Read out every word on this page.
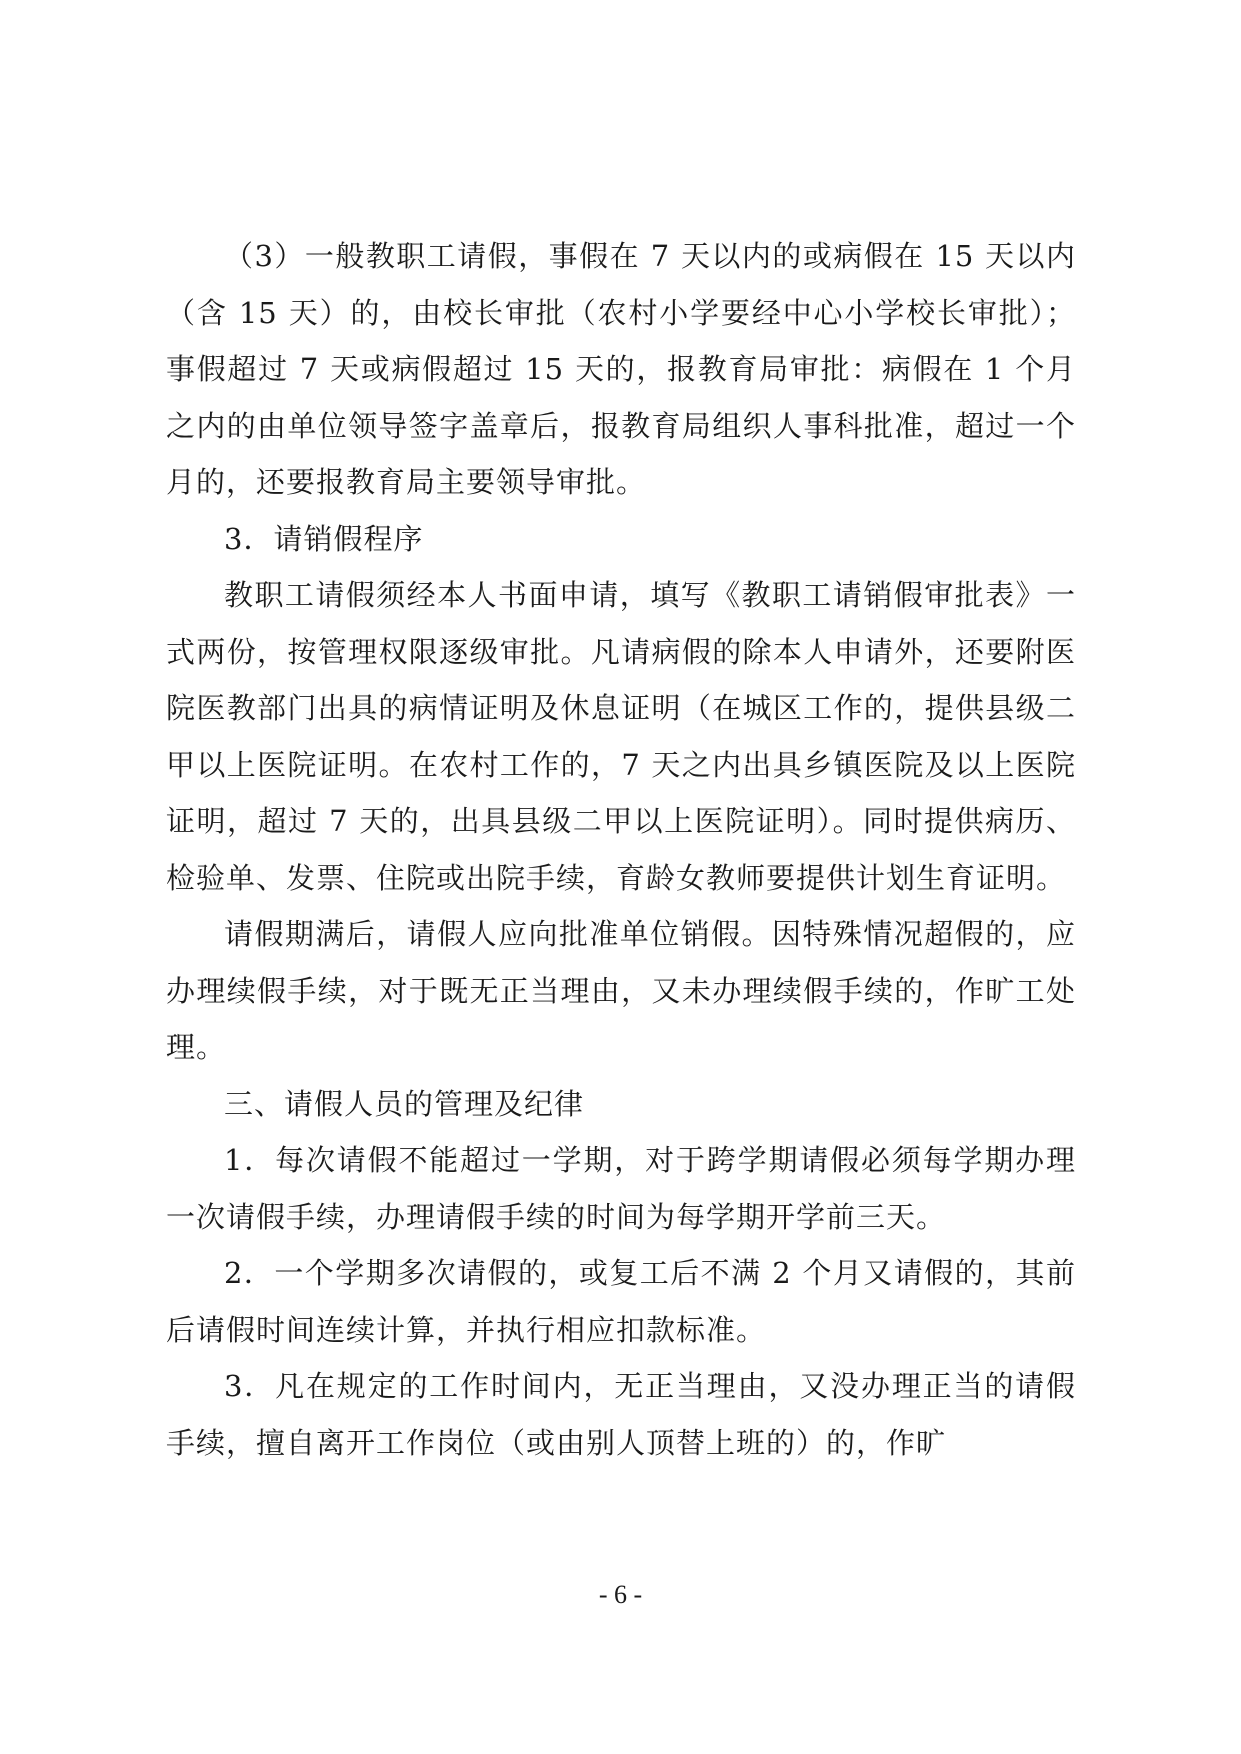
（3）一般教职工请假，事假在 7 天以内的或病假在 15 天以内（含 15 天）的，由校长审批（农村小学要经中心小学校长审批）；事假超过 7 天或病假超过 15 天的，报教育局审批：病假在 1 个月之内的由单位领导签字盖章后，报教育局组织人事科批准，超过一个月的，还要报教育局主要领导审批。

3．请销假程序

教职工请假须经本人书面申请，填写《教职工请销假审批表》一式两份，按管理权限逐级审批。凡请病假的除本人申请外，还要附医院医教部门出具的病情证明及休息证明（在城区工作的，提供县级二甲以上医院证明。在农村工作的，7 天之内出具乡镇医院及以上医院证明，超过 7 天的，出具县级二甲以上医院证明）。同时提供病历、检验单、发票、住院或出院手续，育龄女教师要提供计划生育证明。

请假期满后，请假人应向批准单位销假。因特殊情况超假的，应办理续假手续，对于既无正当理由，又未办理续假手续的，作旷工处理。

三、请假人员的管理及纪律

1．每次请假不能超过一学期，对于跨学期请假必须每学期办理一次请假手续，办理请假手续的时间为每学期开学前三天。

2．一个学期多次请假的，或复工后不满 2 个月又请假的，其前后请假时间连续计算，并执行相应扣款标准。

3．凡在规定的工作时间内，无正当理由，又没办理正当的请假手续，擅自离开工作岗位（或由别人顶替上班的）的，作旷

- 6 -
